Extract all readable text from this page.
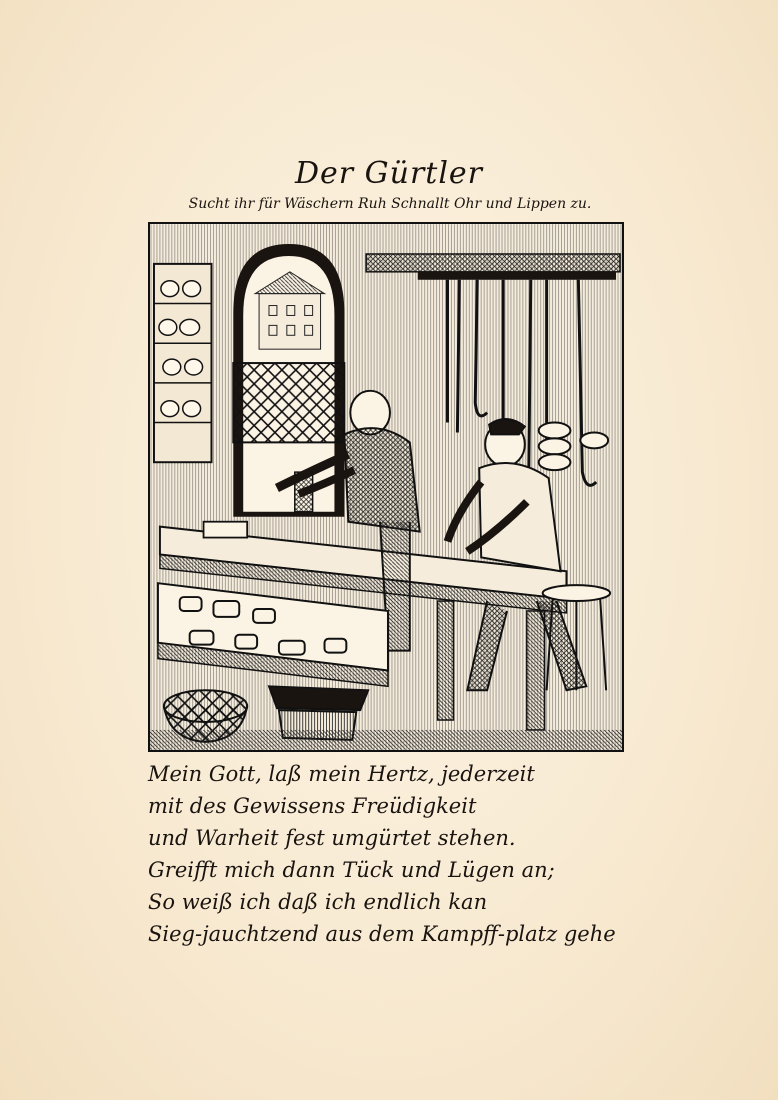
Der Gürtler
Sucht ihr für Wäschern Ruh Schnallt Ohr und Lippen zu.
Mein Gott, laß mein Hertz, jederzeit
mit des Gewissens Freüdigkeit
und Warheit fest umgürtet stehen.
Greifft mich dann Tück und Lügen an;
So weiß ich daß ich endlich kan
Sieg-jauchtzend aus dem Kampff-platz gehe
